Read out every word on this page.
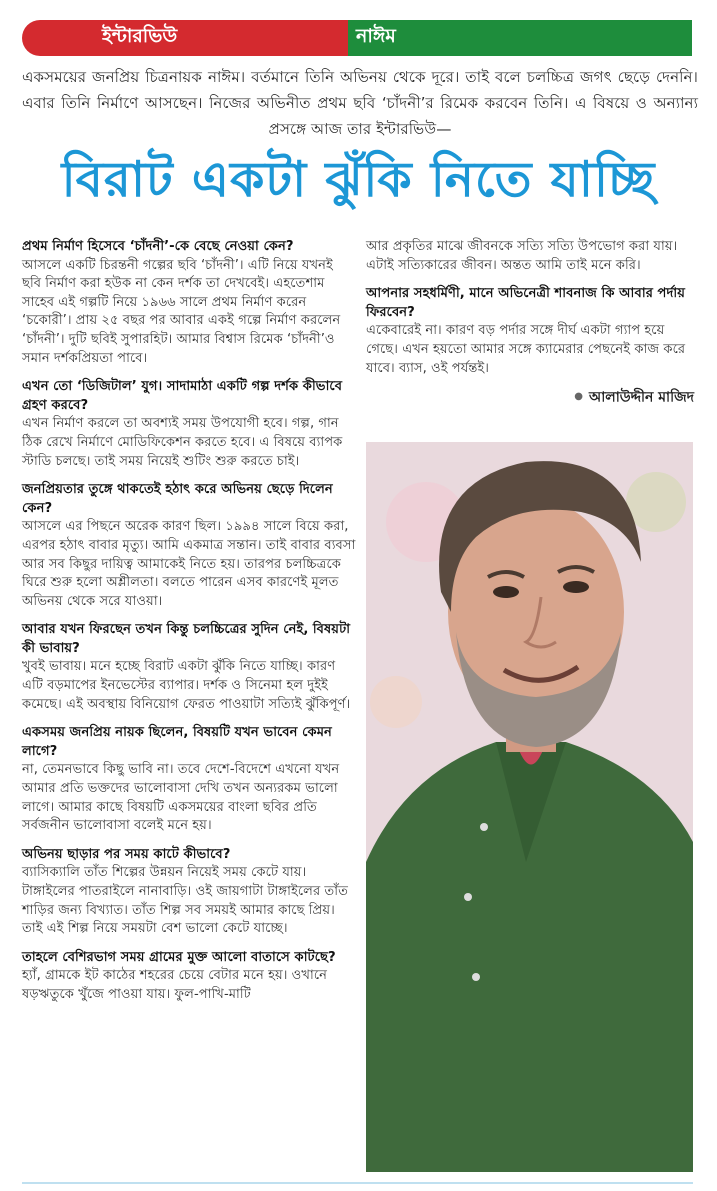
ইন্টারভিউ	নাঈম

একসময়ের জনপ্রিয় চিত্রনায়ক নাঈম। বর্তমানে তিনি অভিনয় থেকে দূরে। তাই বলে চলচ্চিত্র জগৎ ছেড়ে দেননি। এবার তিনি নির্মাণে আসছেন। নিজের অভিনীত প্রথম ছবি ‘চাঁদনী’র রিমেক করবেন তিনি। এ বিষয়ে ও অন্যান্য প্রসঙ্গে আজ তার ইন্টারভিউ—

বিরাট একটা ঝুঁকি নিতে যাচ্ছি

প্রথম নির্মাণ হিসেবে ‘চাঁদনী’-কে বেছে নেওয়া কেন?

আসলে একটি চিরন্তনী গল্পের ছবি ‘চাঁদনী’। এটি নিয়ে যখনই ছবি নির্মাণ করা হউক না কেন দর্শক তা দেখবেই। এহতেশাম সাহেব এই গল্পটি নিয়ে ১৯৬৬ সালে প্রথম নির্মাণ করেন ‘চকোরী’। প্রায় ২৫ বছর পর আবার একই গল্পে নির্মাণ করলেন ‘চাঁদনী’। দুটি ছবিই সুপারহিট। আমার বিশ্বাস রিমেক ‘চাঁদনী’ও সমান দর্শকপ্রিয়তা পাবে।

এখন তো ‘ডিজিটাল’ যুগ। সাদামাঠা একটি গল্প দর্শক কীভাবে গ্রহণ করবে?

এখন নির্মাণ করলে তা অবশ্যই সময় উপযোগী হবে। গল্প, গান ঠিক রেখে নির্মাণে মোডিফিকেশন করতে হবে। এ বিষয়ে ব্যাপক স্টাডি চলছে। তাই সময় নিয়েই শুটিং শুরু করতে চাই।

জনপ্রিয়তার তুঙ্গে থাকতেই হঠাৎ করে অভিনয় ছেড়ে দিলেন কেন?

আসলে এর পিছনে অরেক কারণ ছিল। ১৯৯৪ সালে বিয়ে করা, এরপর হঠাৎ বাবার মৃত্যু। আমি একমাত্র সন্তান। তাই বাবার ব্যবসা আর সব কিছুর দায়িত্ব আমাকেই নিতে হয়। তারপর চলচ্চিত্রকে ঘিরে শুরু হলো অশ্লীলতা। বলতে পারেন এসব কারণেই মূলত অভিনয় থেকে সরে যাওয়া।

আবার যখন ফিরছেন তখন কিন্তু চলচ্চিত্রের সুদিন নেই, বিষয়টা কী ভাবায়?

খুবই ভাবায়। মনে হচ্ছে বিরাট একটা ঝুঁকি নিতে যাচ্ছি। কারণ এটি বড়মাপের ইনভেস্টের ব্যাপার। দর্শক ও সিনেমা হল দুইই কমেছে। এই অবস্থায় বিনিয়োগ ফেরত পাওয়াটা সত্যিই ঝুঁকিপূর্ণ।

একসময় জনপ্রিয় নায়ক ছিলেন, বিষয়টি যখন ভাবেন কেমন লাগে?

না, তেমনভাবে কিছু ভাবি না। তবে দেশে-বিদেশে এখনো যখন আমার প্রতি ভক্তদের ভালোবাসা দেখি তখন অন্যরকম ভালো লাগে। আমার কাছে বিষয়টি একসময়ের বাংলা ছবির প্রতি সর্বজনীন ভালোবাসা বলেই মনে হয়।

অভিনয় ছাড়ার পর সময় কাটে কীভাবে?

ব্যাসিক্যালি তাঁত শিল্পের উন্নয়ন নিয়েই সময় কেটে যায়। টাঙ্গাইলের পাতরাইলে নানাবাড়ি। ওই জায়গাটা টাঙ্গাইলের তাঁত শাড়ির জন্য বিখ্যাত। তাঁত শিল্প সব সময়ই আমার কাছে প্রিয়। তাই এই শিল্প নিয়ে সময়টা বেশ ভালো কেটে যাচ্ছে।

তাহলে বেশিরভাগ সময় গ্রামের মুক্ত আলো বাতাসে কাটছে?

হ্যাঁ, গ্রামকে ইট কাঠের শহরের চেয়ে বেটার মনে হয়। ওখানে ষড়ঋতুকে খুঁজে পাওয়া যায়। ফুল-পাখি-মাটি

আর প্রকৃতির মাঝে জীবনকে সত্যি সত্যি উপভোগ করা যায়। এটাই সত্যিকারের জীবন। অন্তত আমি তাই মনে করি।

আপনার সহধর্মিণী, মানে অভিনেত্রী শাবনাজ কি আবার পর্দায় ফিরবেন?

একেবারেই না। কারণ বড় পর্দার সঙ্গে দীর্ঘ একটা গ্যাপ হয়ে গেছে। এখন হয়তো আমার সঙ্গে ক্যামেরার পেছনেই কাজ করে যাবে। ব্যাস, ওই পর্যন্তই।

● আলাউদ্দীন মাজিদ
